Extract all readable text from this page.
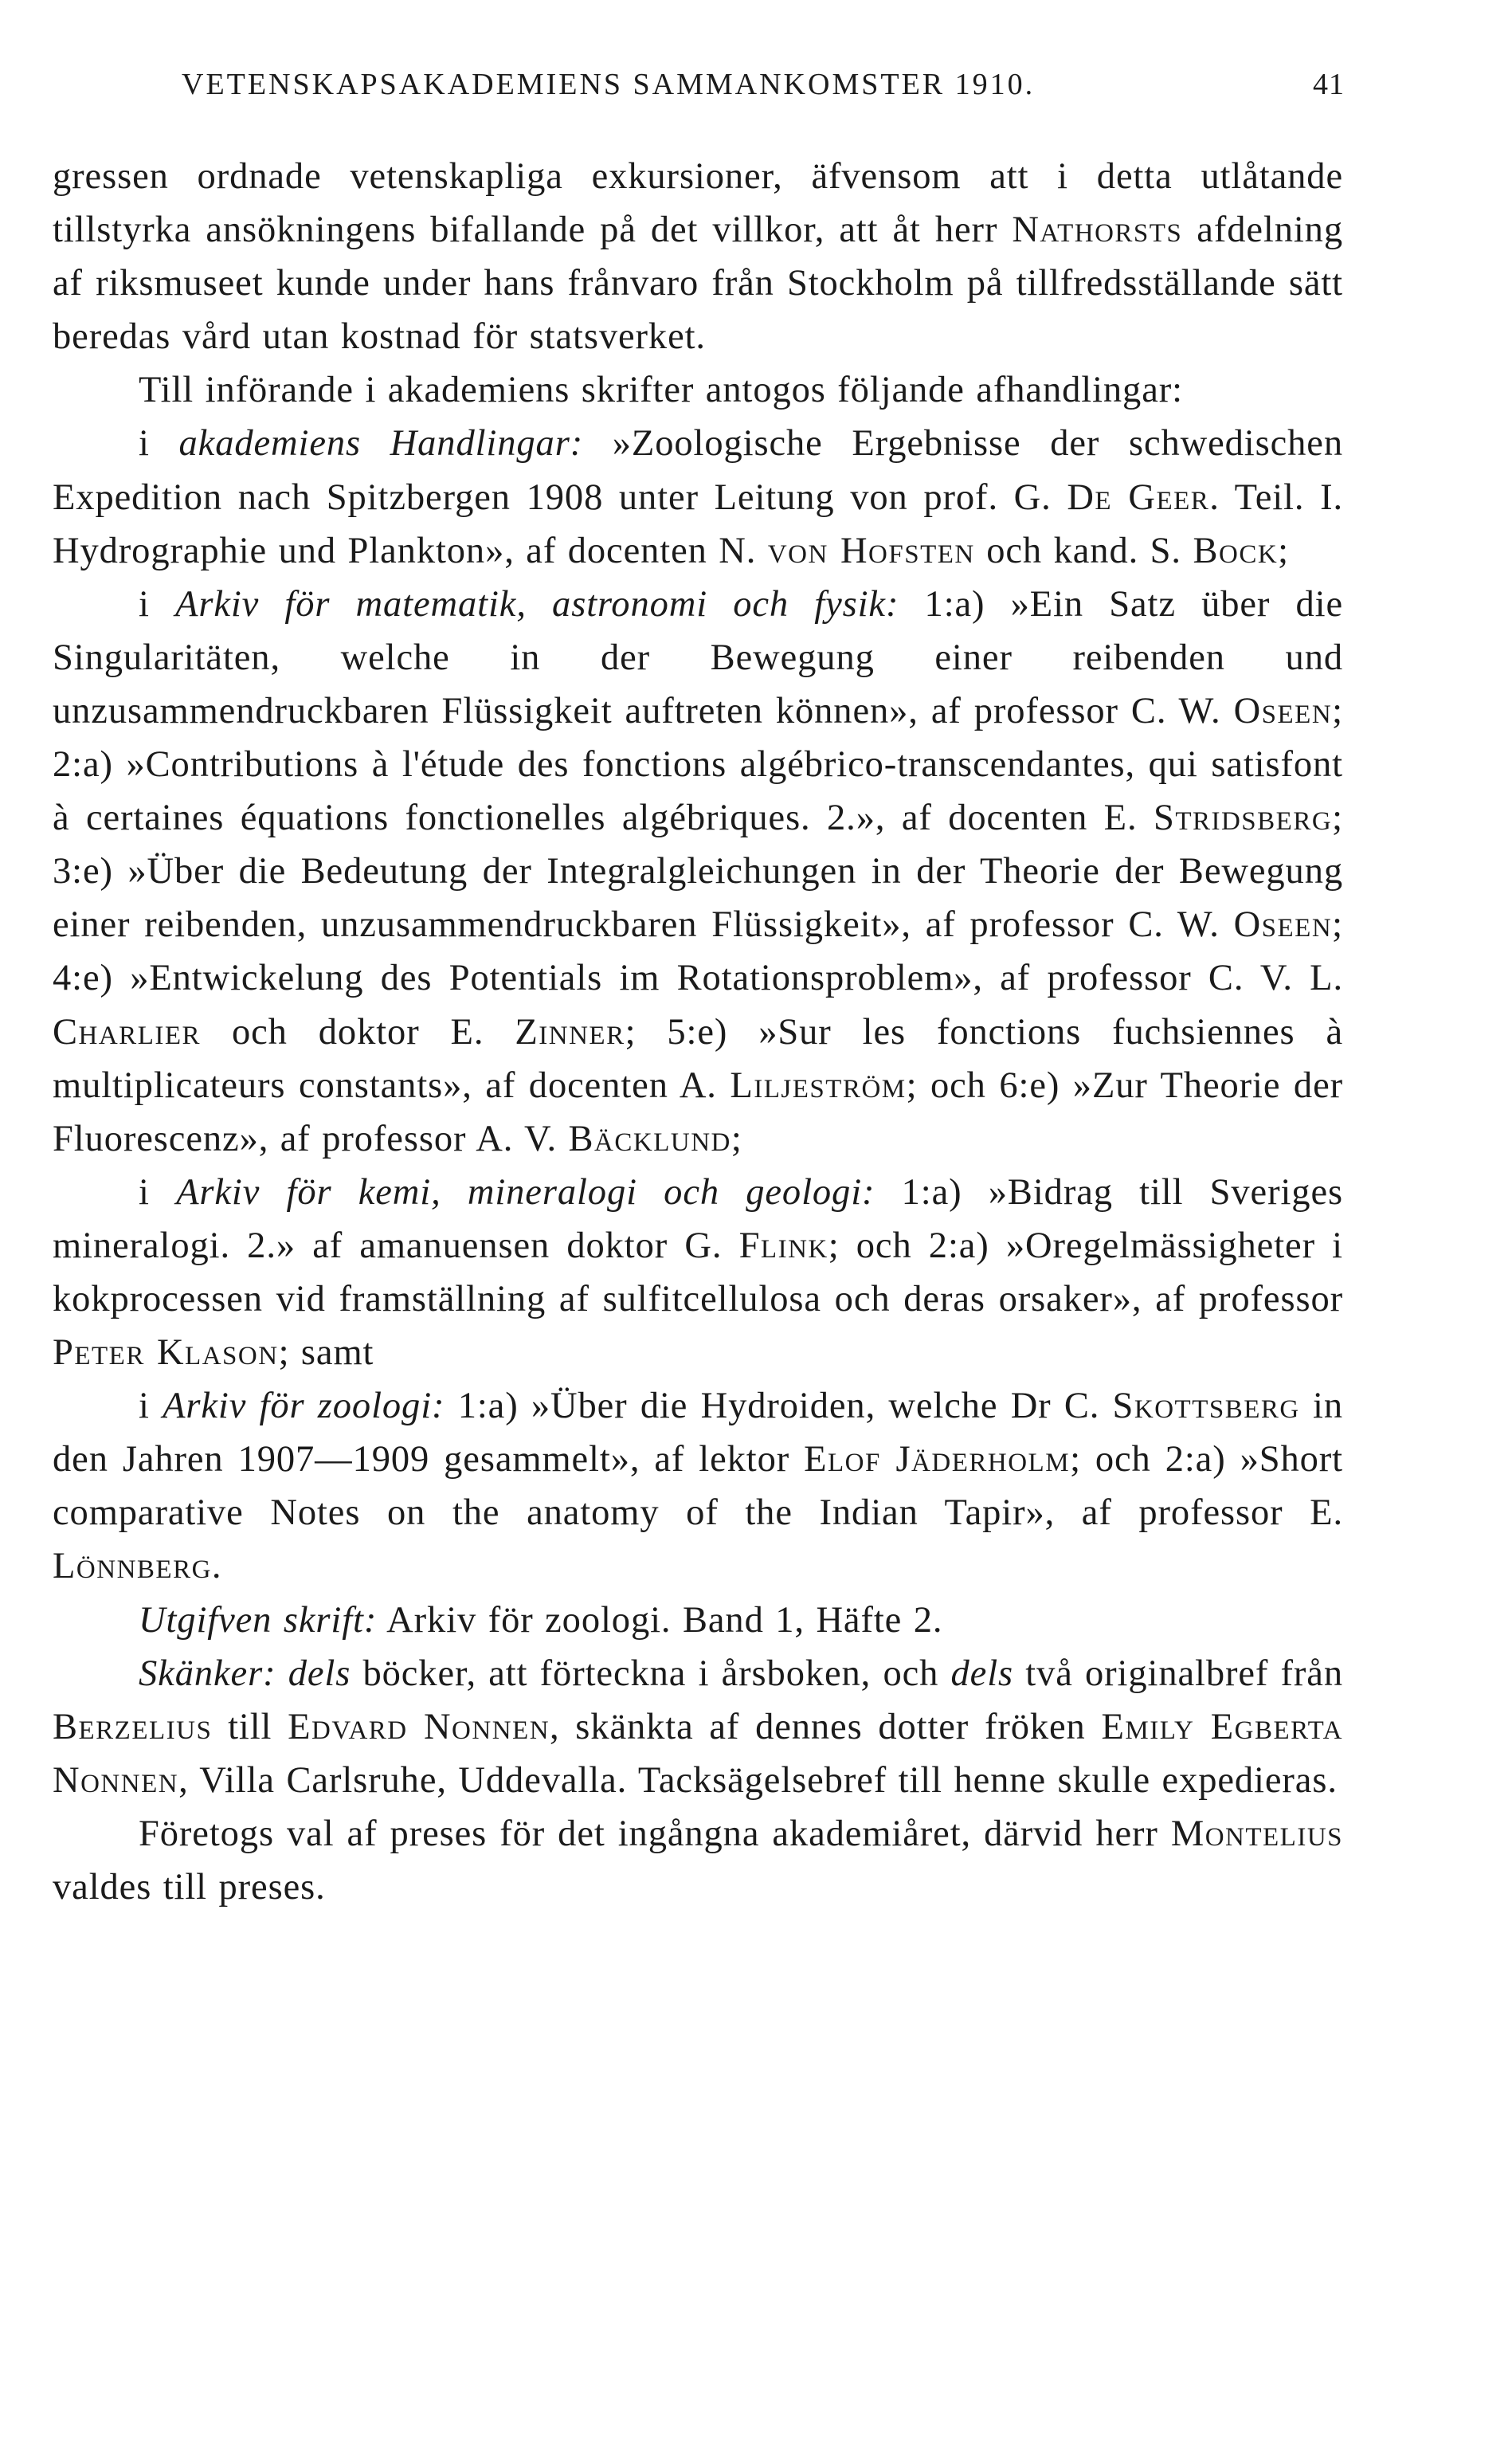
VETENSKAPSAKADEMIENS SAMMANKOMSTER 1910.	41

gressen ordnade vetenskapliga exkursioner, äfvensom att i detta utlåtande tillstyrka ansökningens bifallande på det villkor, att åt herr Nathorsts afdelning af riksmuseet kunde under hans frånvaro från Stockholm på tillfredsställande sätt beredas vård utan kostnad för statsverket.

Till införande i akademiens skrifter antogos följande afhandlingar:

i akademiens Handlingar: »Zoologische Ergebnisse der schwedischen Expedition nach Spitzbergen 1908 unter Leitung von prof. G. De Geer. Teil. I. Hydrographie und Plankton», af docenten N. von Hofsten och kand. S. Bock;

i Arkiv för matematik, astronomi och fysik: 1:a) »Ein Satz über die Singularitäten, welche in der Bewegung einer reibenden und unzusammendruckbaren Flüssigkeit auftreten können», af professor C. W. Oseen; 2:a) »Contributions à l'étude des fonctions algébrico-transcendantes, qui satisfont à certaines équations fonctionelles algébriques. 2.», af docenten E. Stridsberg; 3:e) »Über die Bedeutung der Integralgleichungen in der Theorie der Bewegung einer reibenden, unzusammendruckbaren Flüssigkeit», af professor C. W. Oseen; 4:e) »Entwickelung des Potentials im Rotationsproblem», af professor C. V. L. Charlier och doktor E. Zinner; 5:e) »Sur les fonctions fuchsiennes à multiplicateurs constants», af docenten A. Liljeström; och 6:e) »Zur Theorie der Fluorescenz», af professor A. V. Bäcklund;

i Arkiv för kemi, mineralogi och geologi: 1:a) »Bidrag till Sveriges mineralogi. 2.» af amanuensen doktor G. Flink; och 2:a) »Oregelmässigheter i kokprocessen vid framställning af sulfitcellulosa och deras orsaker», af professor Peter Klason; samt

i Arkiv för zoologi: 1:a) »Über die Hydroiden, welche Dr C. Skottsberg in den Jahren 1907—1909 gesammelt», af lektor Elof Jäderholm; och 2:a) »Short comparative Notes on the anatomy of the Indian Tapir», af professor E. Lönnberg.

Utgifven skrift: Arkiv för zoologi. Band 1, Häfte 2.

Skänker: dels böcker, att förteckna i årsboken, och dels två originalbref från Berzelius till Edvard Nonnen, skänkta af dennes dotter fröken Emily Egberta Nonnen, Villa Carlsruhe, Uddevalla. Tacksägelsebref till henne skulle expedieras.

Företogs val af preses för det ingångna akademiåret, därvid herr Montelius valdes till preses.
